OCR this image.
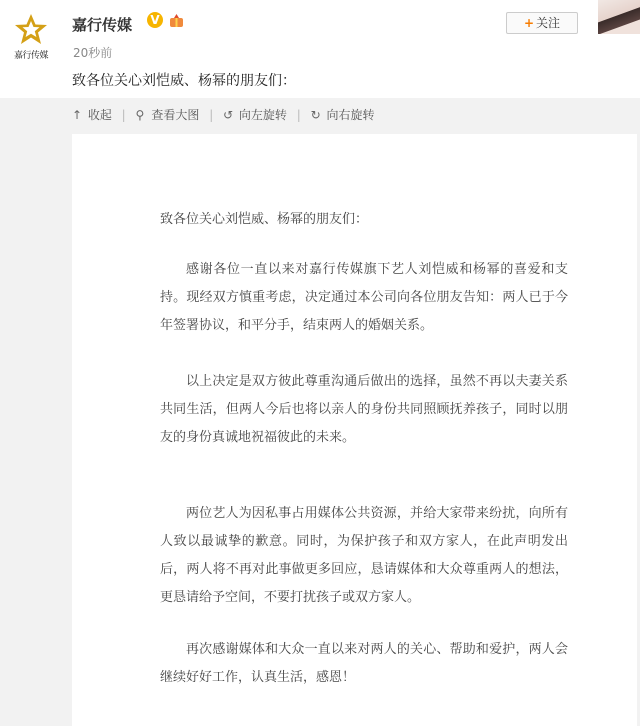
嘉行传媒
嘉行传媒 V
20秒前
+ 关注
致各位关心刘恺威、杨幂的朋友们：
↑ 收起 | ⚲ 查看大图 | ↺ 向左旋转 | ↻ 向右旋转
致各位关心刘恺威、杨幂的朋友们：

感谢各位一直以来对嘉行传媒旗下艺人刘恺威和杨幂的喜爱和支持。现经双方慎重考虑，决定通过本公司向各位朋友告知：两人已于今年签署协议，和平分手，结束两人的婚姻关系。

以上决定是双方彼此尊重沟通后做出的选择，虽然不再以夫妻关系共同生活，但两人今后也将以亲人的身份共同照顾抚养孩子，同时以朋友的身份真诚地祝福彼此的未来。

两位艺人为因私事占用媒体公共资源，并给大家带来纷扰，向所有人致以最诚挚的歉意。同时，为保护孩子和双方家人，在此声明发出后，两人将不再对此事做更多回应，恳请媒体和大众尊重两人的想法，更恳请给予空间，不要打扰孩子或双方家人。

再次感谢媒体和大众一直以来对两人的关心、帮助和爱护，两人会继续好好工作，认真生活，感恩！
